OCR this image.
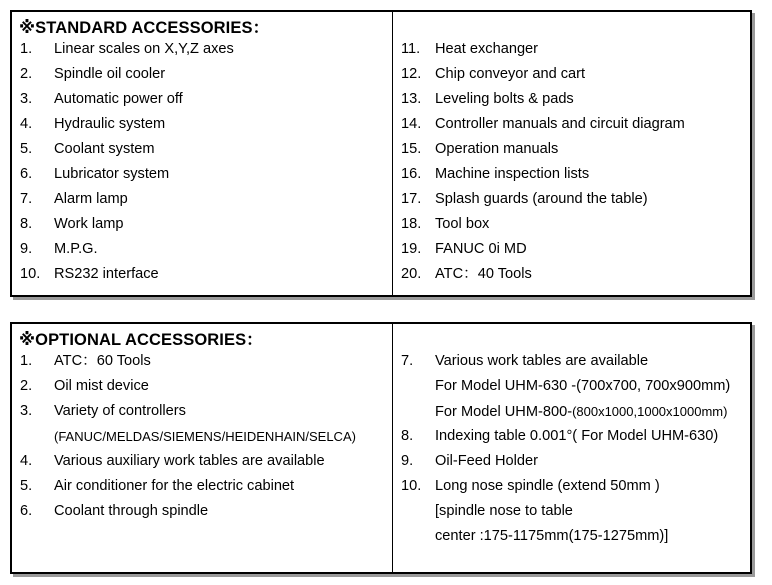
※STANDARD ACCESSORIES：
1. Linear scales on X,Y,Z axes
2. Spindle oil cooler
3. Automatic power off
4. Hydraulic system
5. Coolant system
6. Lubricator system
7. Alarm lamp
8. Work lamp
9. M.P.G.
10. RS232 interface
11. Heat exchanger
12. Chip conveyor and cart
13. Leveling bolts & pads
14. Controller manuals and circuit diagram
15. Operation manuals
16. Machine inspection lists
17. Splash guards (around the table)
18. Tool box
19. FANUC 0i MD
20. ATC：40 Tools
※OPTIONAL ACCESSORIES：
1. ATC：60 Tools
2. Oil mist device
3. Variety of controllers
(FANUC/MELDAS/SIEMENS/HEIDENHAIN/SELCA)
4. Various auxiliary work tables are available
5. Air conditioner for the electric cabinet
6. Coolant through spindle
7. Various work tables are available
For Model UHM-630 -(700x700, 700x900mm)
For Model UHM-800-(800x1000,1000x1000mm)
8. Indexing table 0.001°( For Model UHM-630)
9. Oil-Feed Holder
10. Long nose spindle (extend 50mm )
[spindle nose to table
center :175-1175mm(175-1275mm)]
